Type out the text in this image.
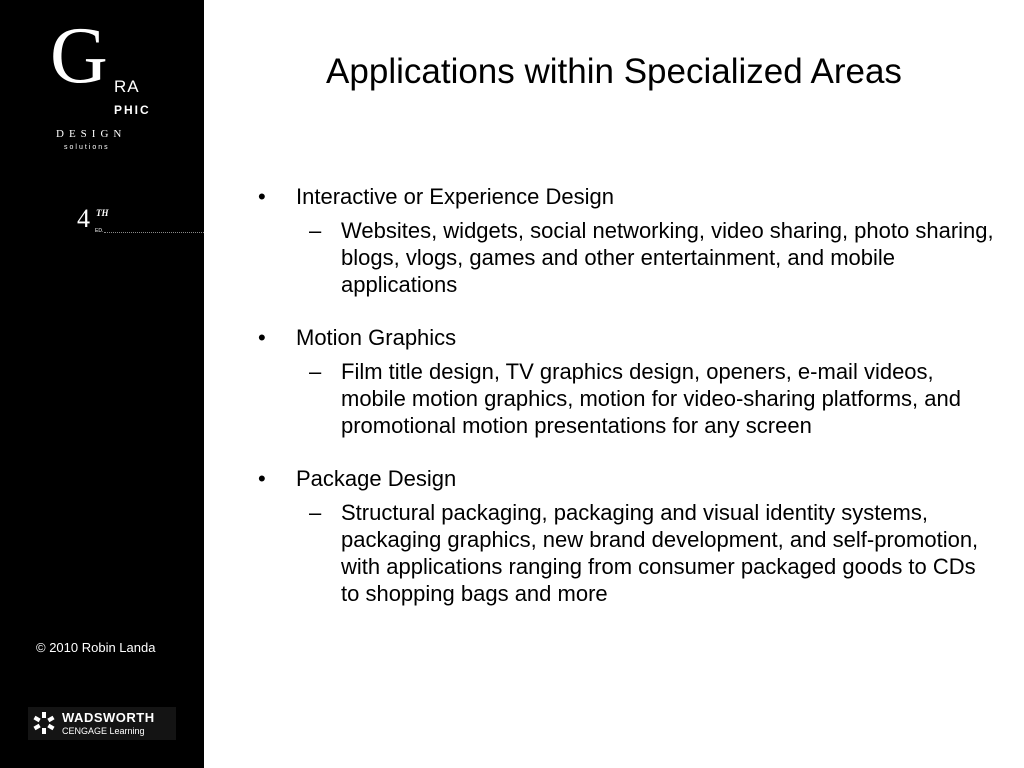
G RA
PHIC
DESIGN
solutions
4 TH
ED.
© 2010 Robin Landa
WADSWORTH
CENGAGE Learning
Applications within Specialized Areas
• Interactive or Experience Design
– Websites, widgets, social networking, video sharing, photo sharing, blogs, vlogs, games and other entertainment, and mobile applications
• Motion Graphics
– Film title design, TV graphics design, openers, e-mail videos, mobile motion graphics, motion for video-sharing platforms, and promotional motion presentations for any screen
• Package Design
– Structural packaging, packaging and visual identity systems, packaging graphics, new brand development, and self-promotion, with applications ranging from consumer packaged goods to CDs to shopping bags and more
